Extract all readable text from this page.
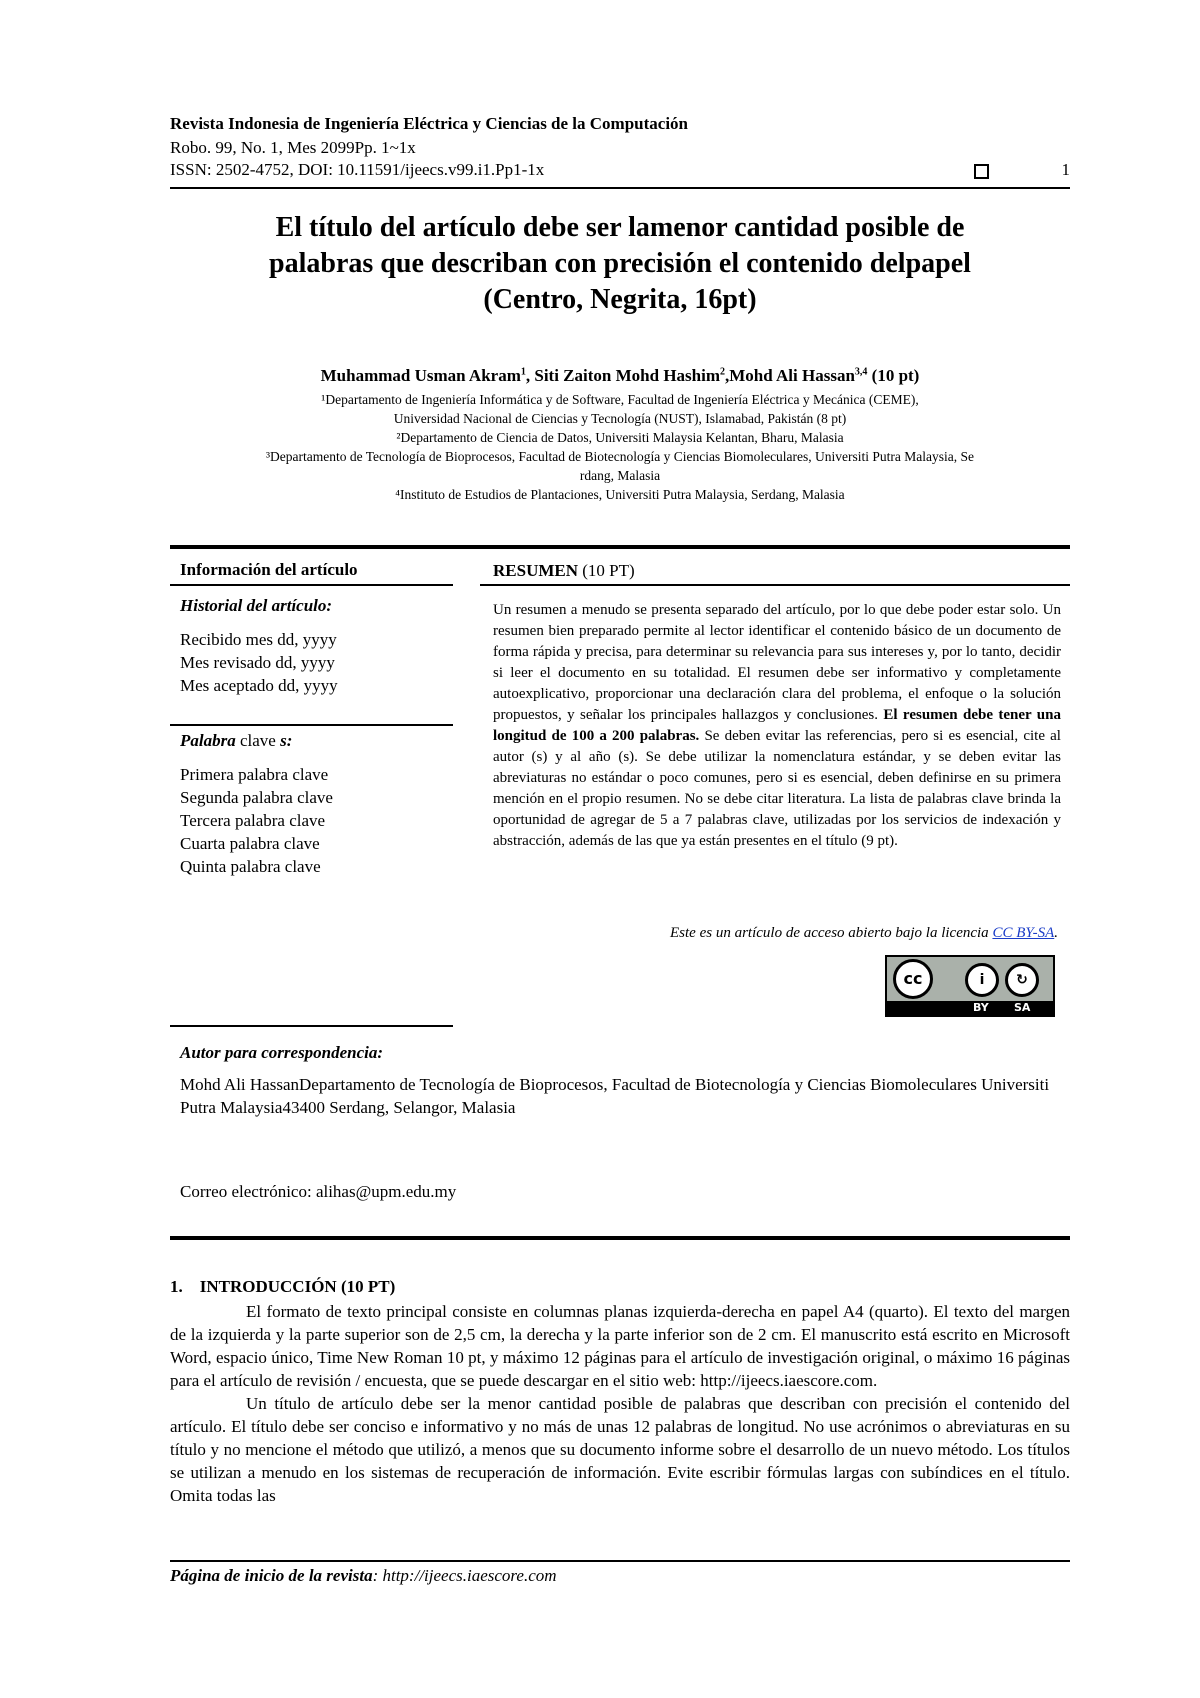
Revista Indonesia de Ingeniería Eléctrica y Ciencias de la Computación
Robo. 99, No. 1, Mes 2099Pp. 1~1x
ISSN: 2502-4752, DOI: 10.11591/ijeecs.v99.i1.Pp1-1x	1
El título del artículo debe ser lamenor cantidad posible de
palabras que describan con precisión el contenido delpapel
(Centro, Negrita, 16pt)
Muhammad Usman Akram$^1$, Siti Zaiton Mohd Hashim$^2$,Mohd Ali Hassan$^{3,4}$ (10 pt)
¹Departamento de Ingeniería Informática y de Software, Facultad de Ingeniería Eléctrica y Mecánica (CEME),
Universidad Nacional de Ciencias y Tecnología (NUST), Islamabad, Pakistán (8 pt)
²Departamento de Ciencia de Datos, Universiti Malaysia Kelantan, Bharu, Malasia
³Departamento de Tecnología de Bioprocesos, Facultad de Biotecnología y Ciencias Biomoleculares, Universiti Putra Malaysia, Se
rdang, Malasia
⁴Instituto de Estudios de Plantaciones, Universiti Putra Malaysia, Serdang, Malasia
Información del artículo
Historial del artículo:
Recibido mes dd, yyyy
Mes revisado dd, yyyy
Mes aceptado dd, yyyy
Palabra clave s:
Primera palabra clave
Segunda palabra clave
Tercera palabra clave
Cuarta palabra clave
Quinta palabra clave
RESUMEN (10 PT)
Un resumen a menudo se presenta separado del artículo, por lo que debe poder estar solo. Un resumen bien preparado permite al lector identificar el contenido básico de un documento de forma rápida y precisa, para determinar su relevancia para sus intereses y, por lo tanto, decidir si leer el documento en su totalidad. El resumen debe ser informativo y completamente autoexplicativo, proporcionar una declaración clara del problema, el enfoque o la solución propuestos, y señalar los principales hallazgos y conclusiones. El resumen debe tener una longitud de 100 a 200 palabras. Se deben evitar las referencias, pero si es esencial, cite al autor (s) y al año (s). Se debe utilizar la nomenclatura estándar, y se deben evitar las abreviaturas no estándar o poco comunes, pero si es esencial, deben definirse en su primera mención en el propio resumen. No se debe citar literatura. La lista de palabras clave brinda la oportunidad de agregar de 5 a 7 palabras clave, utilizadas por los servicios de indexación y abstracción, además de las que ya están presentes en el título (9 pt).
Este es un artículo de acceso abierto bajo la licencia CC BY-SA.
cc	i	↻
BY SA
Autor para correspondencia:
Mohd Ali HassanDepartamento de Tecnología de Bioprocesos, Facultad de Biotecnología y Ciencias Biomoleculares Universiti Putra Malaysia43400 Serdang, Selangor, Malasia
Correo electrónico: alihas@upm.edu.my
1.    INTRODUCCIÓN (10 PT)

El formato de texto principal consiste en columnas planas izquierda-derecha en papel A4 (quarto). El texto del margen de la izquierda y la parte superior son de 2,5 cm, la derecha y la parte inferior son de 2 cm. El manuscrito está escrito en Microsoft Word, espacio único, Time New Roman 10 pt, y máximo 12 páginas para el artículo de investigación original, o máximo 16 páginas para el artículo de revisión / encuesta, que se puede descargar en el sitio web: http://ijeecs.iaescore.com.

Un título de artículo debe ser la menor cantidad posible de palabras que describan con precisión el contenido del artículo. El título debe ser conciso e informativo y no más de unas 12 palabras de longitud. No use acrónimos o abreviaturas en su título y no mencione el método que utilizó, a menos que su documento informe sobre el desarrollo de un nuevo método. Los títulos se utilizan a menudo en los sistemas de recuperación de información. Evite escribir fórmulas largas con subíndices en el título. Omita todas las

Página de inicio de la revista: http://ijeecs.iaescore.com
